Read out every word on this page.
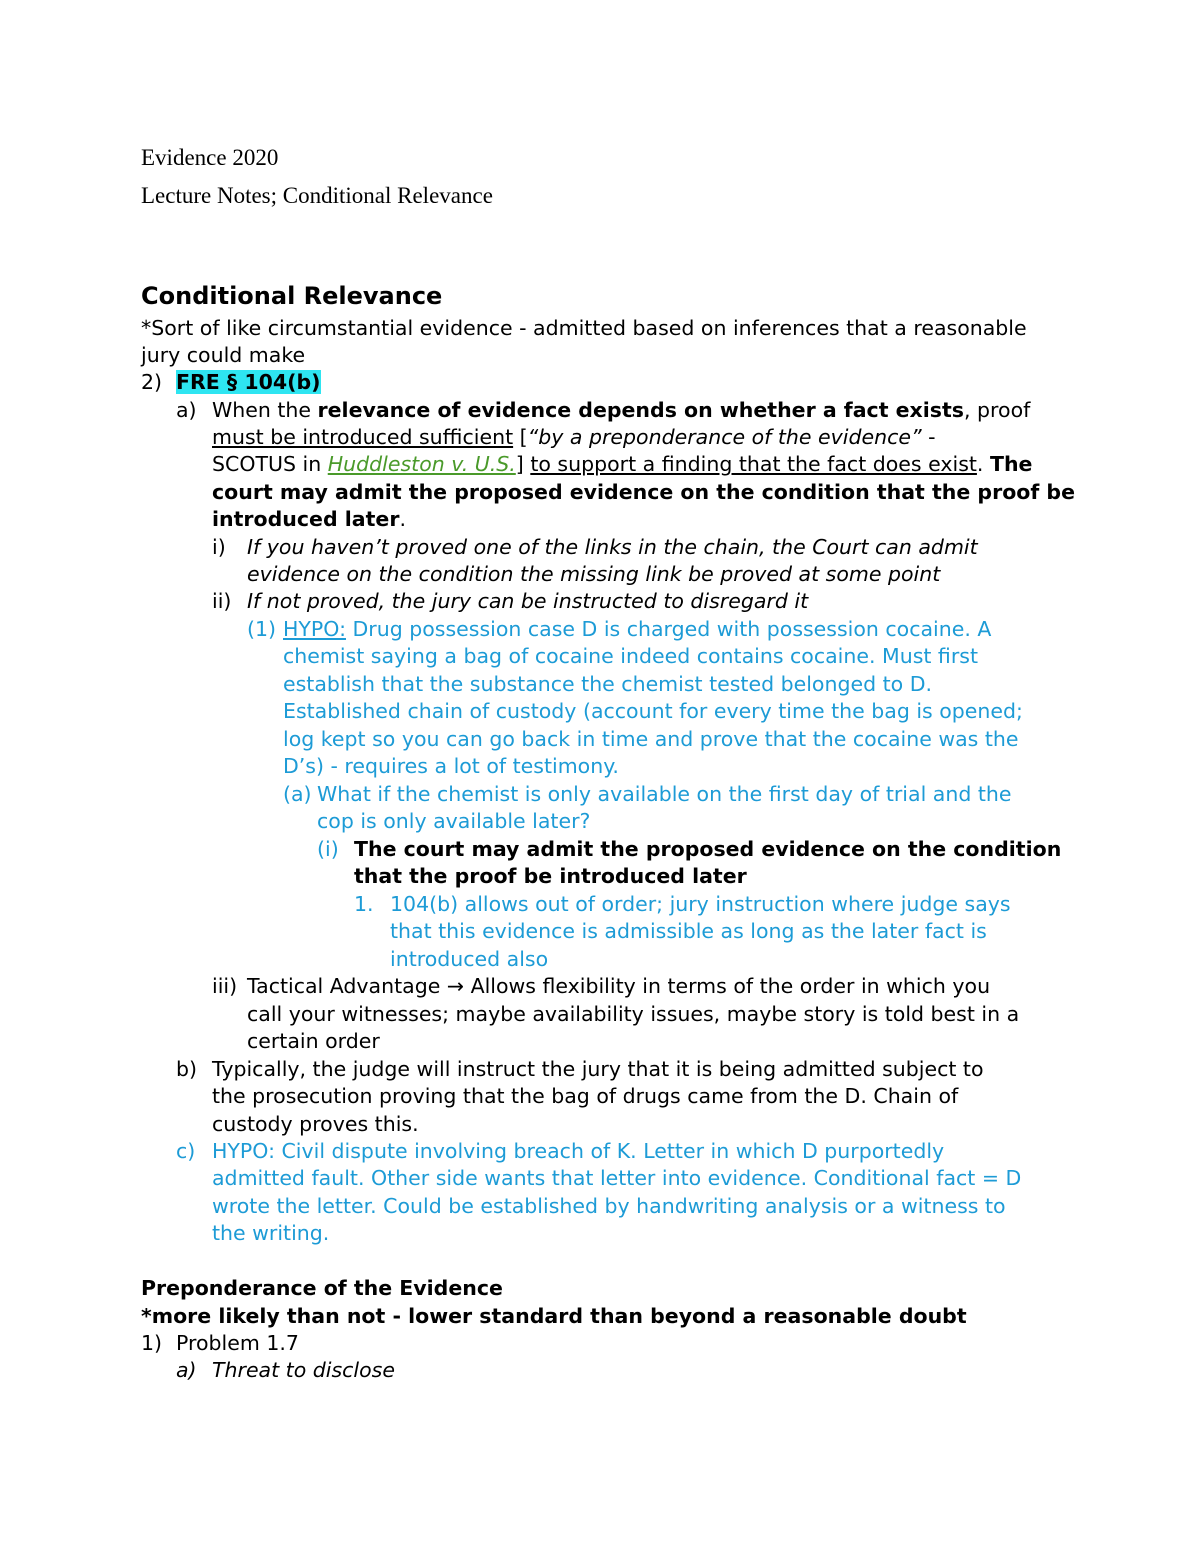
Evidence 2020
Lecture Notes; Conditional Relevance
Conditional Relevance
*Sort of like circumstantial evidence - admitted based on inferences that a reasonable
jury could make
2) FRE § 104(b)
a) When the relevance of evidence depends on whether a fact exists, proof
must be introduced sufficient [“by a preponderance of the evidence” -
SCOTUS in Huddleston v. U.S.] to support a finding that the fact does exist. The
court may admit the proposed evidence on the condition that the proof be
introduced later.
i) If you haven’t proved one of the links in the chain, the Court can admit
evidence on the condition the missing link be proved at some point
ii) If not proved, the jury can be instructed to disregard it
(1) HYPO: Drug possession case D is charged with possession cocaine. A
chemist saying a bag of cocaine indeed contains cocaine. Must first
establish that the substance the chemist tested belonged to D.
Established chain of custody (account for every time the bag is opened;
log kept so you can go back in time and prove that the cocaine was the
D’s) - requires a lot of testimony.
(a) What if the chemist is only available on the first day of trial and the
cop is only available later?
(i) The court may admit the proposed evidence on the condition
that the proof be introduced later
1. 104(b) allows out of order; jury instruction where judge says
that this evidence is admissible as long as the later fact is
introduced also
iii) Tactical Advantage → Allows flexibility in terms of the order in which you
call your witnesses; maybe availability issues, maybe story is told best in a
certain order
b) Typically, the judge will instruct the jury that it is being admitted subject to
the prosecution proving that the bag of drugs came from the D. Chain of
custody proves this.
c) HYPO: Civil dispute involving breach of K. Letter in which D purportedly
admitted fault. Other side wants that letter into evidence. Conditional fact = D
wrote the letter. Could be established by handwriting analysis or a witness to
the writing.
Preponderance of the Evidence
*more likely than not - lower standard than beyond a reasonable doubt
1) Problem 1.7
a) Threat to disclose
